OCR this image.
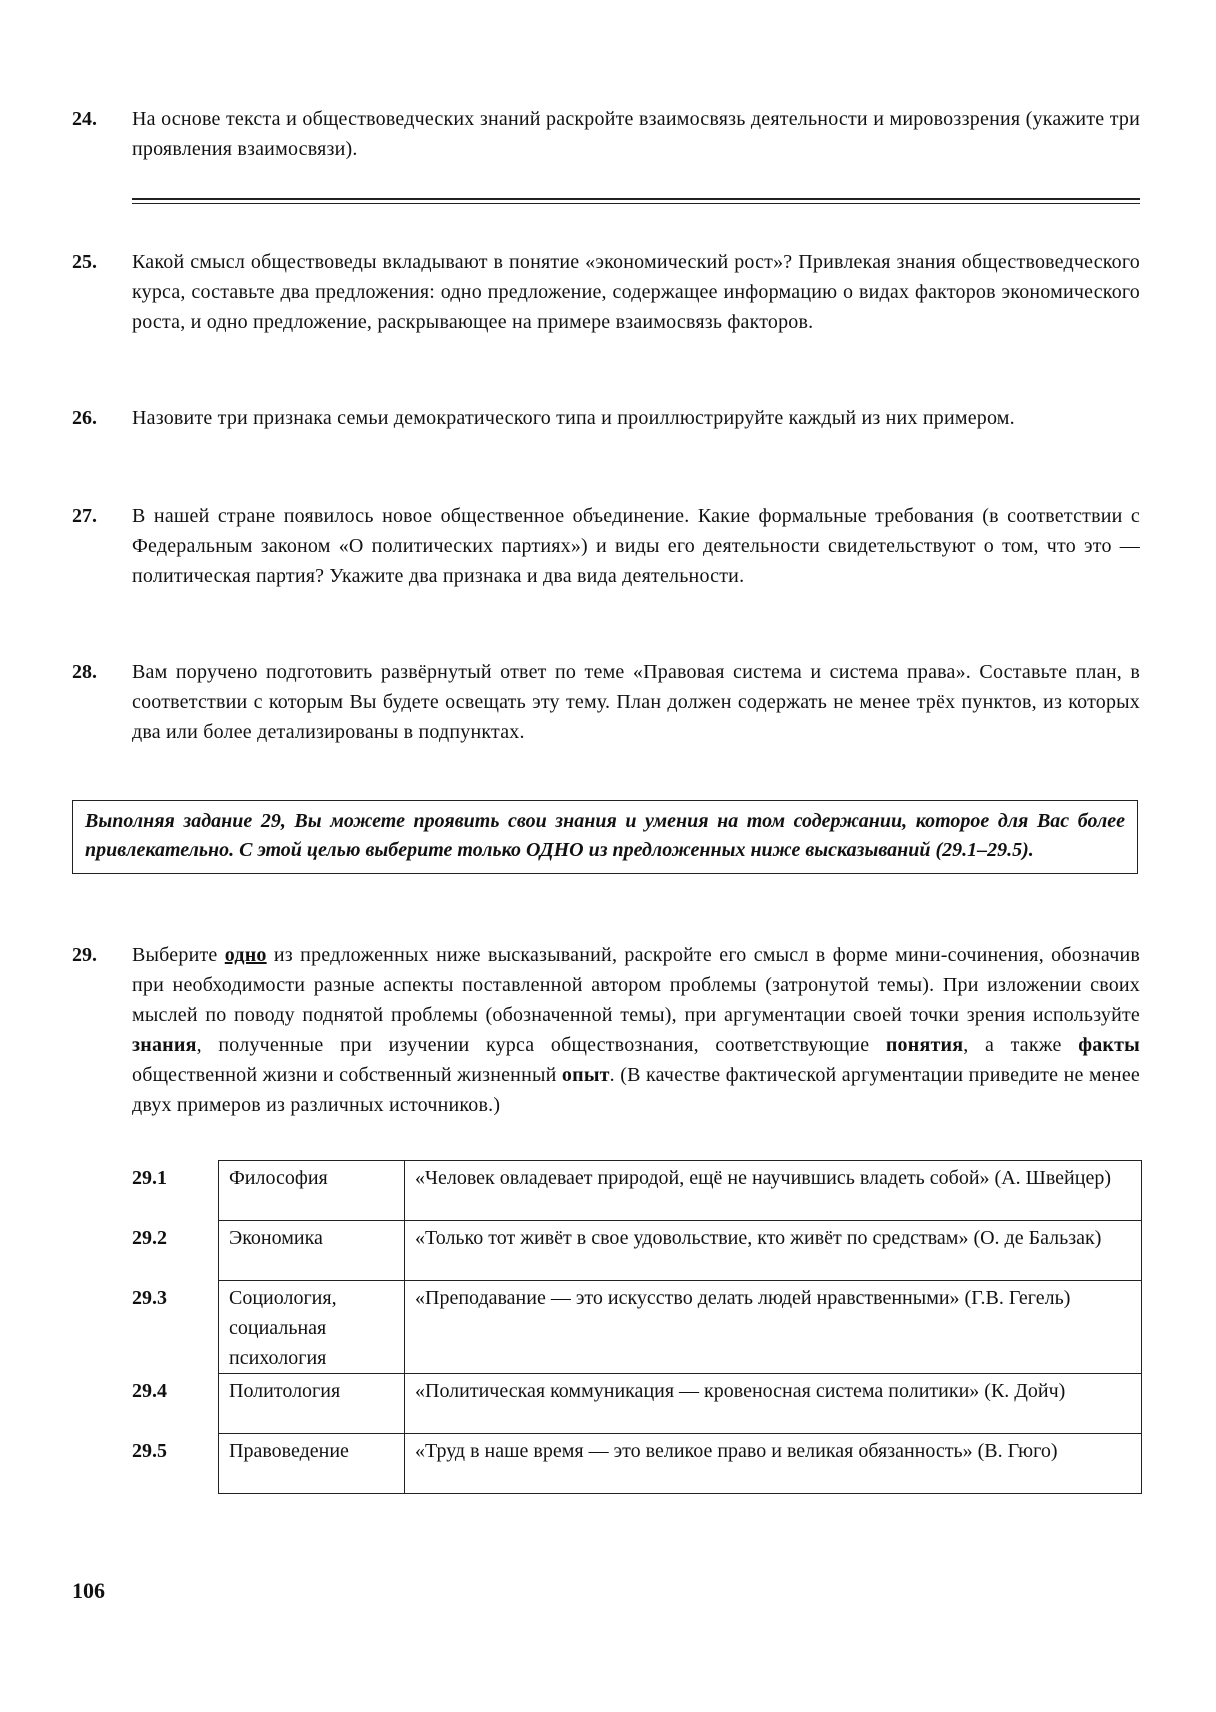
24. На основе текста и обществоведческих знаний раскройте взаимосвязь деятельности и мировоззрения (укажите три проявления взаимосвязи).
25. Какой смысл обществоведы вкладывают в понятие «экономический рост»? Привлекая знания обществоведческого курса, составьте два предложения: одно предложение, содержащее информацию о видах факторов экономического роста, и одно предложение, раскрывающее на примере взаимосвязь факторов.
26. Назовите три признака семьи демократического типа и проиллюстрируйте каждый из них примером.
27. В нашей стране появилось новое общественное объединение. Какие формальные требования (в соответствии с Федеральным законом «О политических партиях») и виды его деятельности свидетельствуют о том, что это — политическая партия? Укажите два признака и два вида деятельности.
28. Вам поручено подготовить развёрнутый ответ по теме «Правовая система и система права». Составьте план, в соответствии с которым Вы будете освещать эту тему. План должен содержать не менее трёх пунктов, из которых два или более детализированы в подпунктах.
Выполняя задание 29, Вы можете проявить свои знания и умения на том содержании, которое для Вас более привлекательно. С этой целью выберите только ОДНО из предложенных ниже высказываний (29.1–29.5).
29. Выберите одно из предложенных ниже высказываний, раскройте его смысл в форме мини-сочинения, обозначив при необходимости разные аспекты поставленной автором проблемы (затронутой темы). При изложении своих мыслей по поводу поднятой проблемы (обозначенной темы), при аргументации своей точки зрения используйте знания, полученные при изучении курса обществознания, соответствующие понятия, а также факты общественной жизни и собственный жизненный опыт. (В качестве фактической аргументации приведите не менее двух примеров из различных источников.)
29.1	Философия	«Человек овладевает природой, ещё не научившись владеть собой» (А. Швейцер)
29.2	Экономика	«Только тот живёт в свое удовольствие, кто живёт по средствам» (О. де Бальзак)
29.3	Социология, социальная психология	«Преподавание — это искусство делать людей нравственными» (Г.В. Гегель)
29.4	Политология	«Политическая коммуникация — кровеносная система политики» (К. Дойч)
29.5	Правоведение	«Труд в наше время — это великое право и великая обязанность» (В. Гюго)
106
